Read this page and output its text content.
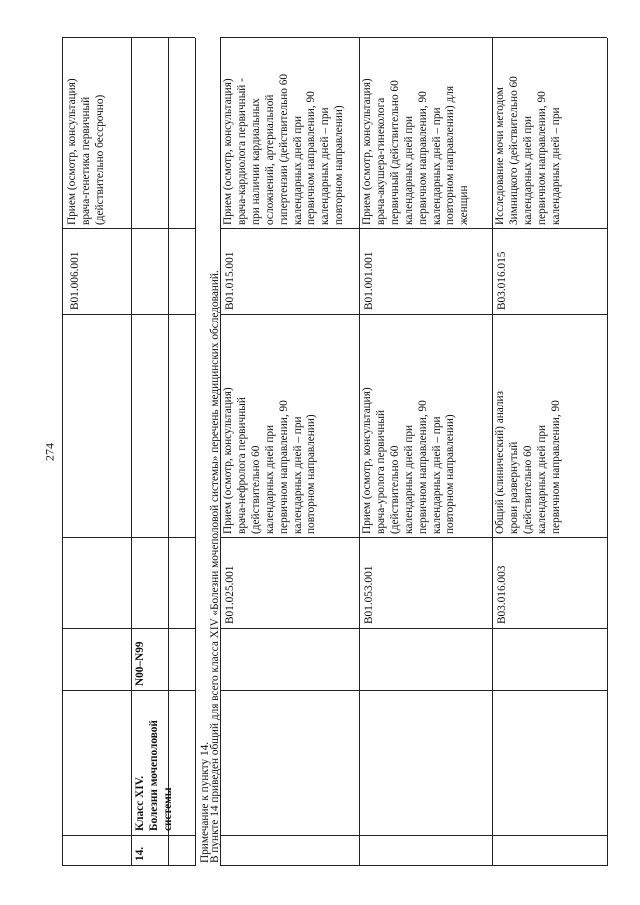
274
B01.006.001
Прием (осмотр, консультация) врача-генетика первичный (действительно бессрочно)
14.
Класс XIV. Болезни мочеполовой системы
N00–N99
Примечание к пункту 14.
В пункте 14 приведен общий для всего класса XIV «Болезни мочеполовой системы» перечень медицинских обследований. B01.025.001
Прием (осмотр, консультация) врача-нефролога первичный (действительно 60 календарных дней при первичном направлении, 90 календарных дней – при повторном направлении)
B01.015.001
Прием (осмотр, консультация) врача-кардиолога первичный - при наличии кардиальных осложнений, артериальной гипертензии (действительно 60 календарных дней при первичном направлении, 90 календарных дней – при повторном направлении)
B01.053.001
Прием (осмотр, консультация) врача-уролога первичный (действительно 60 календарных дней при первичном направлении, 90 календарных дней – при повторном направлении)
B01.001.001
Прием (осмотр, консультация) врача-акушера-гинеколога первичный (действительно 60 календарных дней при первичном направлении, 90 календарных дней – при повторном направлении) для женщин
B03.016.003
Общий (клинический) анализ крови развернутый (действительно 60 календарных дней при первичном направлении, 90
B03.016.015
Исследование мочи методом Зимницкого (действительно 60 календарных дней при первичном направлении, 90 календарных дней – при
